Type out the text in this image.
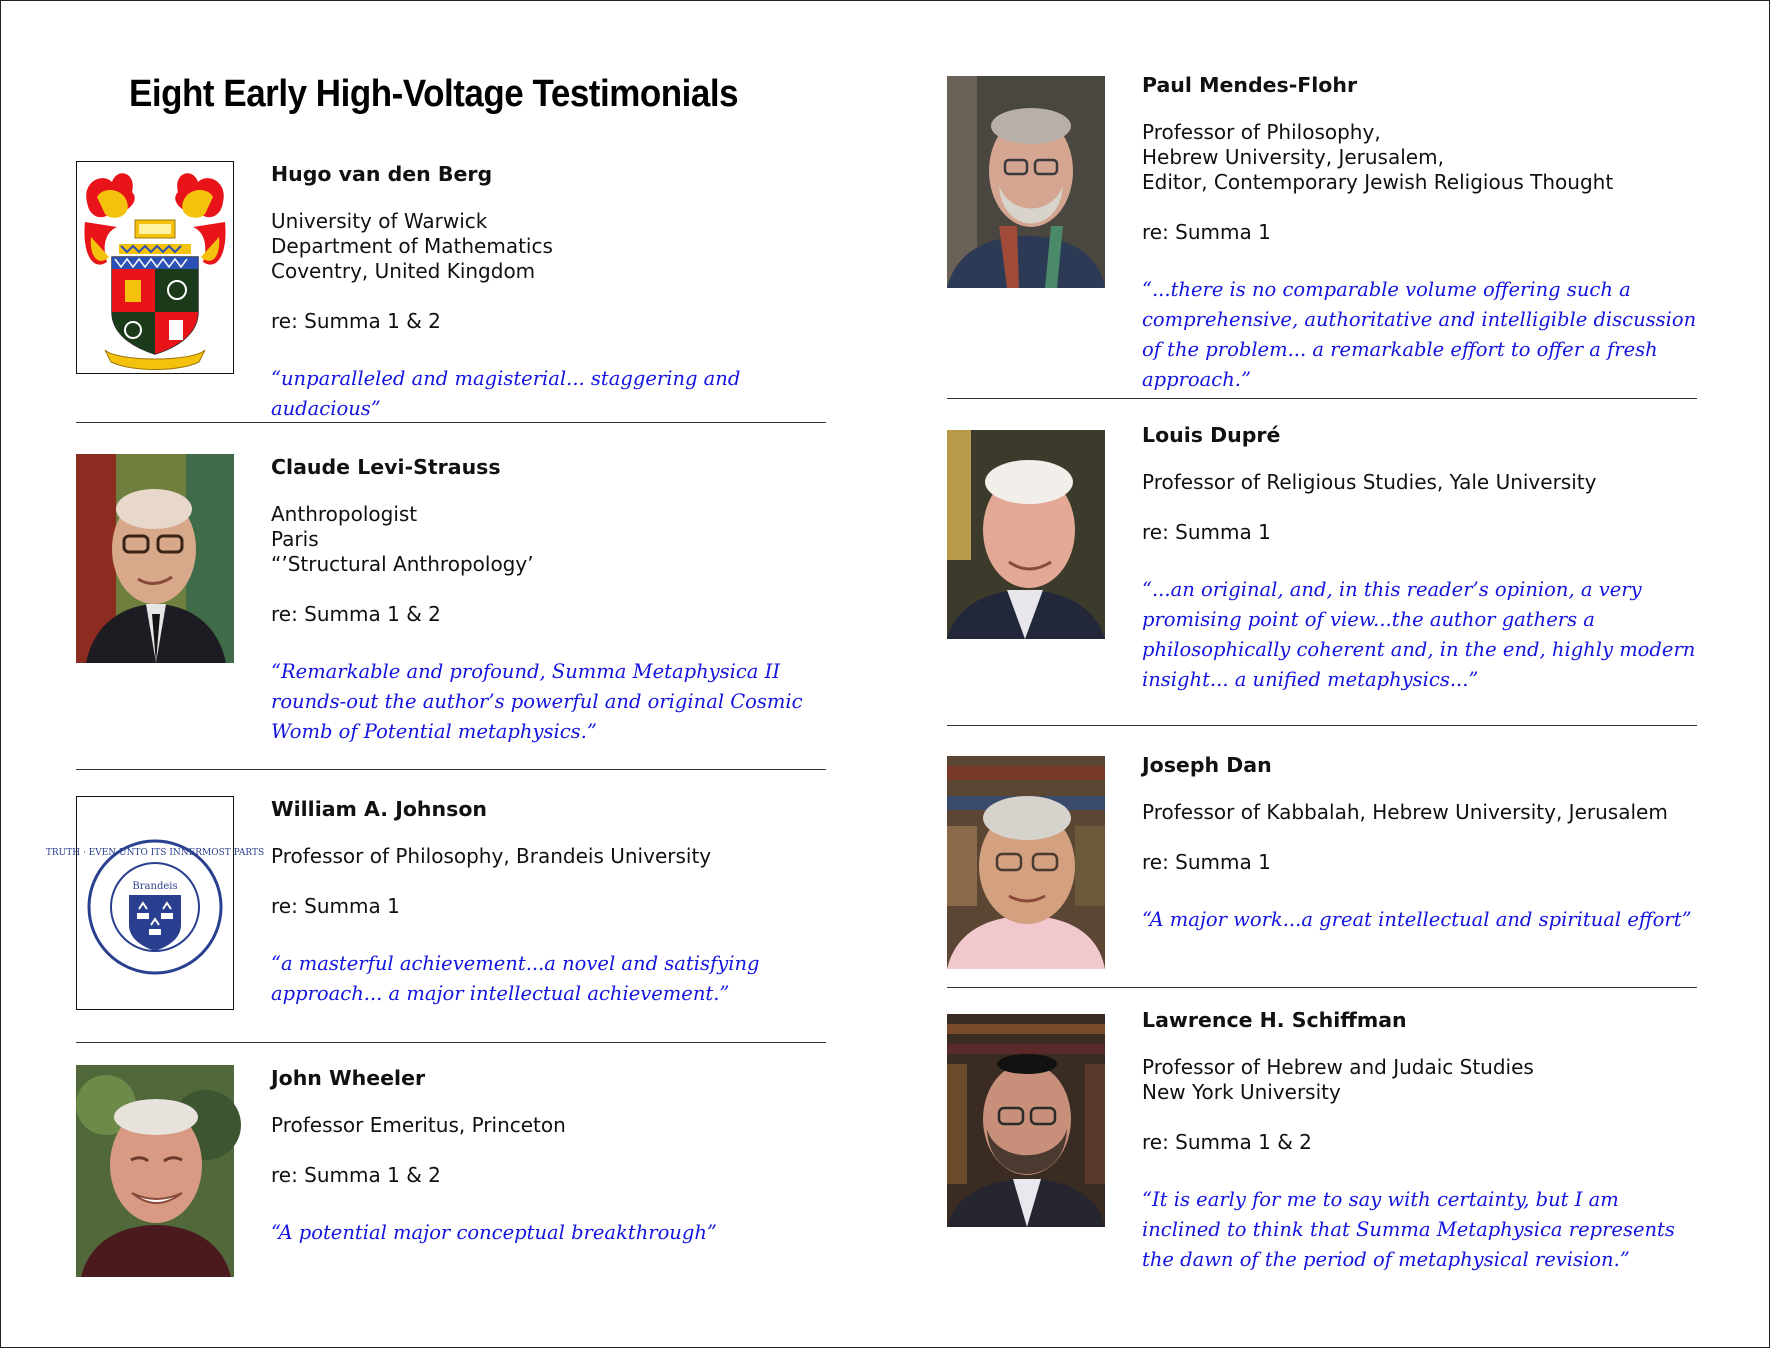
Eight Early High-Voltage Testimonials
Hugo van den Berg
University of Warwick
Department of Mathematics
Coventry, United Kingdom
re: Summa 1 & 2
“unparalleled and magisterial... staggering and audacious”
Claude Levi-Strauss
Anthropologist
Paris
“’Structural Anthropology’
re: Summa 1 & 2
“Remarkable and profound, Summa Metaphysica II rounds-out the author’s powerful and original Cosmic Womb of Potential metaphysics.”
TRUTH · EVEN UNTO ITS INNERMOST PARTS
Brandeis
William A. Johnson
Professor of Philosophy, Brandeis University
re: Summa 1
“a masterful achievement...a novel and satisfying approach... a major intellectual achievement.”
John Wheeler
Professor Emeritus, Princeton
re: Summa 1 & 2
“A potential major conceptual breakthrough”
Paul Mendes-Flohr
Professor of Philosophy,
Hebrew University, Jerusalem,
Editor, Contemporary Jewish Religious Thought
re: Summa 1
“...there is no comparable volume offering such a comprehensive, authoritative and intelligible discussion of the problem... a remarkable effort to offer a fresh approach.”
Louis Dupré
Professor of Religious Studies, Yale University
re: Summa 1
“...an original, and, in this reader’s opinion, a very promising point of view...the author gathers a philosophically coherent and, in the end, highly modern insight... a unified metaphysics...”
Joseph Dan
Professor of Kabbalah, Hebrew University, Jerusalem
re: Summa 1
“A major work...a great intellectual and spiritual effort”
Lawrence H. Schiffman
Professor of Hebrew and Judaic Studies
New York University
re: Summa 1 & 2
“It is early for me to say with certainty, but I am inclined to think that Summa Metaphysica represents the dawn of the period of metaphysical revision.”
